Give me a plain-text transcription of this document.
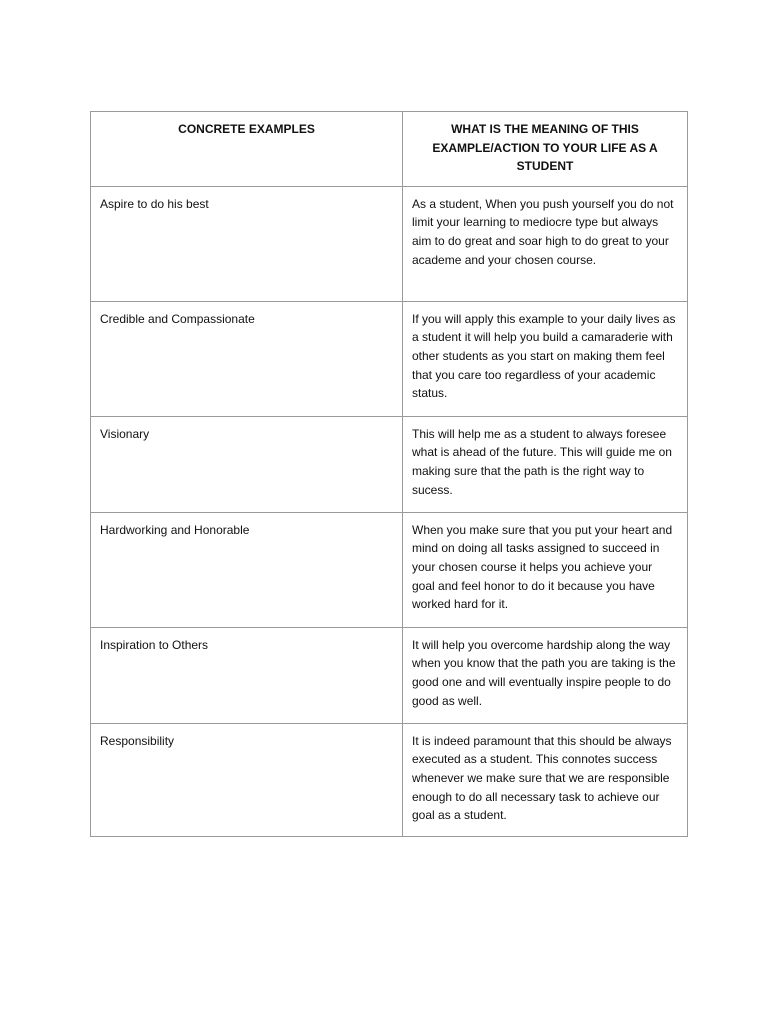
CONCRETE EXAMPLES	WHAT IS THE MEANING OF THIS EXAMPLE/ACTION TO YOUR LIFE AS A STUDENT

Aspire to do his best	As a student, When you push yourself you do not limit your learning to mediocre type but always aim to do great and soar high to do great to your academe and your chosen course.

Credible and Compassionate	If you will apply this example to your daily lives as a student it will help you build a camaraderie with other students as you start on making them feel that you care too regardless of your academic status.

Visionary	This will help me as a student to always foresee what is ahead of the future. This will guide me on making sure that the path is the right way to sucess.

Hardworking and Honorable	When you make sure that you put your heart and mind on doing all tasks assigned to succeed in your chosen course it helps you achieve your goal and feel honor to do it because you have worked hard for it.

Inspiration to Others	It will help you overcome hardship along the way when you know that the path you are taking is the good one and will eventually inspire people to do good as well.

Responsibility	It is indeed paramount that this should be always executed as a student. This connotes success whenever we make sure that we are responsible enough to do all necessary task to achieve our goal as a student.
